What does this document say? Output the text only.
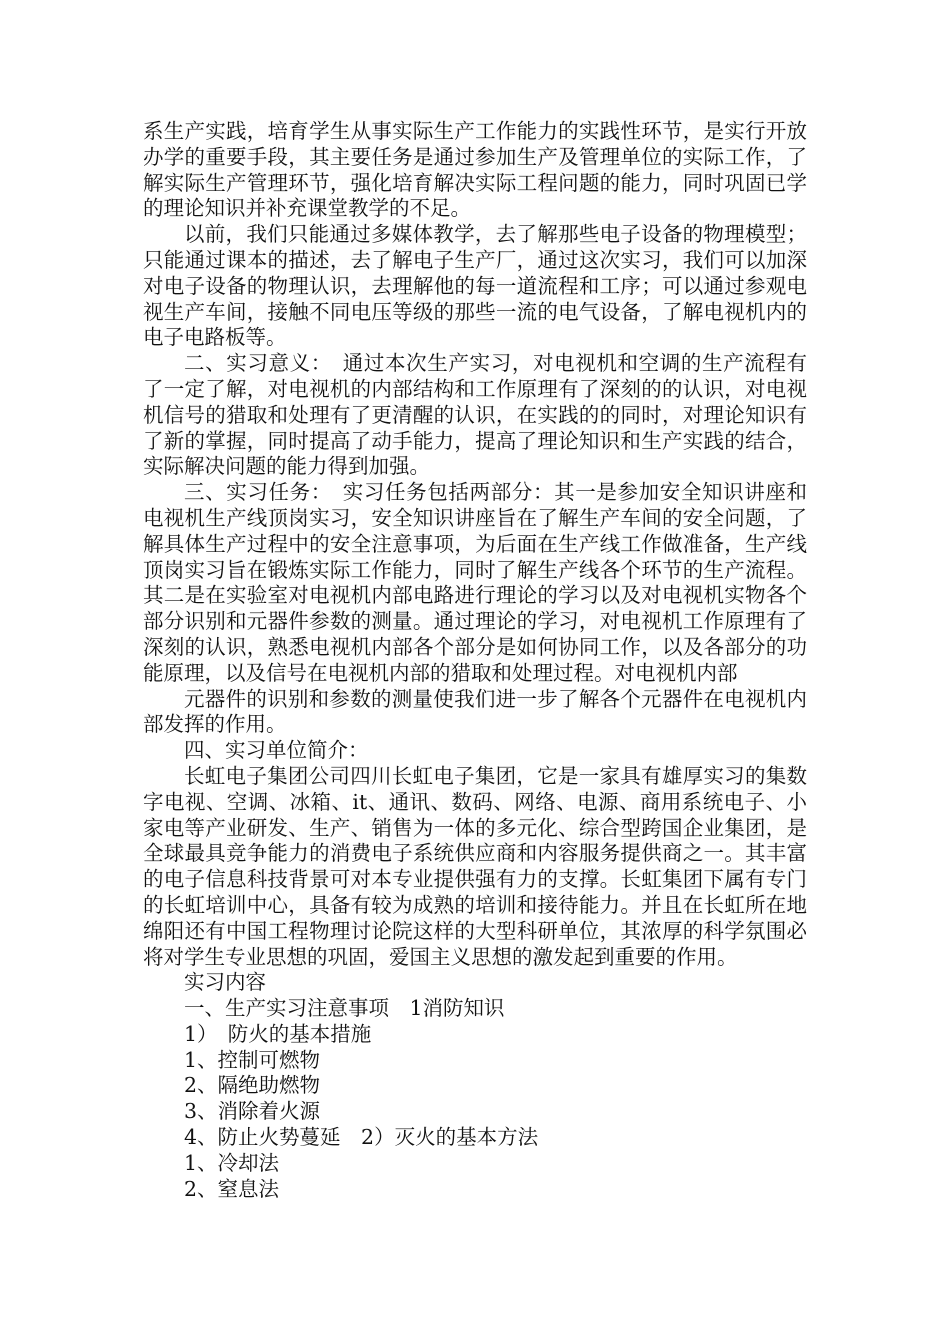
系生产实践，培育学生从事实际生产工作能力的实践性环节，是实行开放办学的重要手段，其主要任务是通过参加生产及管理单位的实际工作，了解实际生产管理环节，强化培育解决实际工程问题的能力，同时巩固已学的理论知识并补充课堂教学的不足。

以前，我们只能通过多媒体教学，去了解那些电子设备的物理模型；只能通过课本的描述，去了解电子生产厂，通过这次实习，我们可以加深对电子设备的物理认识，去理解他的每一道流程和工序；可以通过参观电视生产车间，接触不同电压等级的那些一流的电气设备，了解电视机内的电子电路板等。

二、实习意义：　通过本次生产实习，对电视机和空调的生产流程有了一定了解，对电视机的内部结构和工作原理有了深刻的的认识，对电视机信号的猎取和处理有了更清醒的认识，在实践的的同时，对理论知识有了新的掌握，同时提高了动手能力，提高了理论知识和生产实践的结合，实际解决问题的能力得到加强。

三、实习任务：　实习任务包括两部分：其一是参加安全知识讲座和电视机生产线顶岗实习，安全知识讲座旨在了解生产车间的安全问题，了解具体生产过程中的安全注意事项，为后面在生产线工作做准备，生产线顶岗实习旨在锻炼实际工作能力，同时了解生产线各个环节的生产流程。其二是在实验室对电视机内部电路进行理论的学习以及对电视机实物各个部分识别和元器件参数的测量。通过理论的学习，对电视机工作原理有了深刻的认识，熟悉电视机内部各个部分是如何协同工作，以及各部分的功能原理，以及信号在电视机内部的猎取和处理过程。对电视机内部

元器件的识别和参数的测量使我们进一步了解各个元器件在电视机内部发挥的作用。

四、实习单位简介：

长虹电子集团公司四川长虹电子集团，它是一家具有雄厚实习的集数字电视、空调、冰箱、it、通讯、数码、网络、电源、商用系统电子、小家电等产业研发、生产、销售为一体的多元化、综合型跨国企业集团，是全球最具竞争能力的消费电子系统供应商和内容服务提供商之一。其丰富的电子信息科技背景可对本专业提供强有力的支撑。长虹集团下属有专门的长虹培训中心，具备有较为成熟的培训和接待能力。并且在长虹所在地绵阳还有中国工程物理讨论院这样的大型科研单位，其浓厚的科学氛围必将对学生专业思想的巩固，爱国主义思想的激发起到重要的作用。

实习内容

一、生产实习注意事项　1消防知识

1）　防火的基本措施

1、控制可燃物

2、隔绝助燃物

3、消除着火源

4、防止火势蔓延　2）灭火的基本方法

1、冷却法

2、窒息法
